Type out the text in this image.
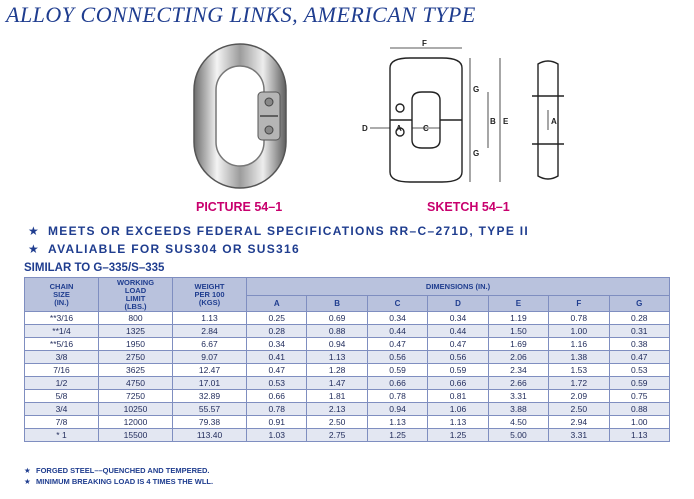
ALLOY CONNECTING LINKS, AMERICAN TYPE
F
G
G
B E
D	A	C
A
PICTURE 54–1	SKETCH 54–1
★ MEETS OR EXCEEDS FEDERAL SPECIFICATIONS RR–C–271D, TYPE II
★ AVALIABLE FOR SUS304 OR SUS316
SIMILAR TO G–335/S–335
CHAIN
SIZE
(IN.)	WORKING
LOAD
LIMIT
(LBS.)	WEIGHT
PER 100
(KGS)	DIMENSIONS (IN.)						
			A	B	C	D	E	F	G
**3/16	800	1.13	0.25	0.69	0.34	0.34	1.19	0.78	0.28
**1/4	1325	2.84	0.28	0.88	0.44	0.44	1.50	1.00	0.31
**5/16	1950	6.67	0.34	0.94	0.47	0.47	1.69	1.16	0.38
3/8	2750	9.07	0.41	1.13	0.56	0.56	2.06	1.38	0.47
7/16	3625	12.47	0.47	1.28	0.59	0.59	2.34	1.53	0.53
1/2	4750	17.01	0.53	1.47	0.66	0.66	2.66	1.72	0.59
5/8	7250	32.89	0.66	1.81	0.78	0.81	3.31	2.09	0.75
3/4	10250	55.57	0.78	2.13	0.94	1.06	3.88	2.50	0.88
7/8	12000	79.38	0.91	2.50	1.13	1.13	4.50	2.94	1.00
* 1	15500	113.40	1.03	2.75	1.25	1.25	5.00	3.31	1.13
★ FORGED STEEL––QUENCHED AND TEMPERED.
★ MINIMUM BREAKING LOAD IS 4 TIMES THE WLL.
